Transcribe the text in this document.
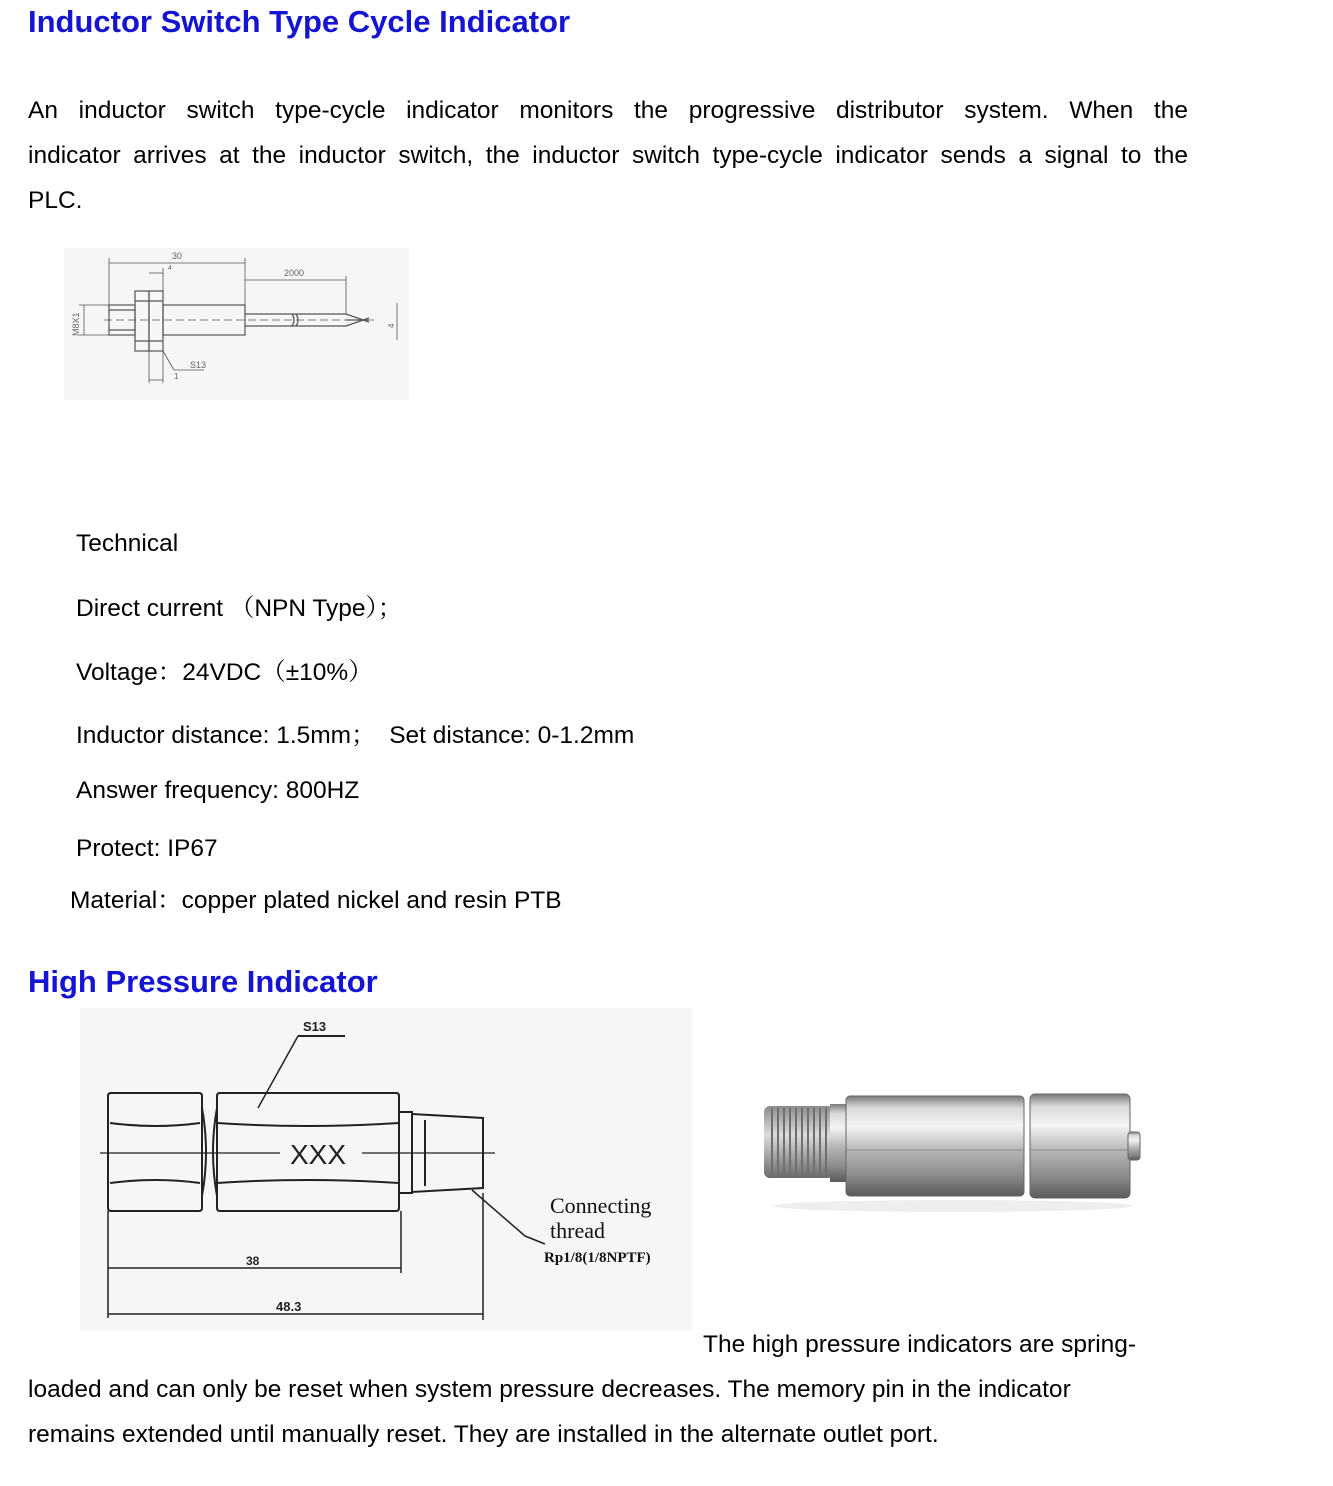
Inductor Switch Type Cycle Indicator
An inductor switch type-cycle indicator monitors the progressive distributor system. When the
indicator arrives at the inductor switch, the inductor switch type-cycle indicator sends a signal to the
PLC.
30
4	2000
M8X1
S13
1
4
Technical
Direct current （NPN Type）；
Voltage：24VDC（±10%）
Inductor distance: 1.5mm；  Set distance: 0-1.2mm
Answer frequency: 800HZ
Protect: IP67
Material：copper plated nickel and resin PTB
High Pressure Indicator
XXX
S13
Connecting
thread
Rp1/8(1/8NPTF)
38
48.3
The high pressure indicators are spring-
loaded and can only be reset when system pressure decreases. The memory pin in the indicator
remains extended until manually reset. They are installed in the alternate outlet port.
